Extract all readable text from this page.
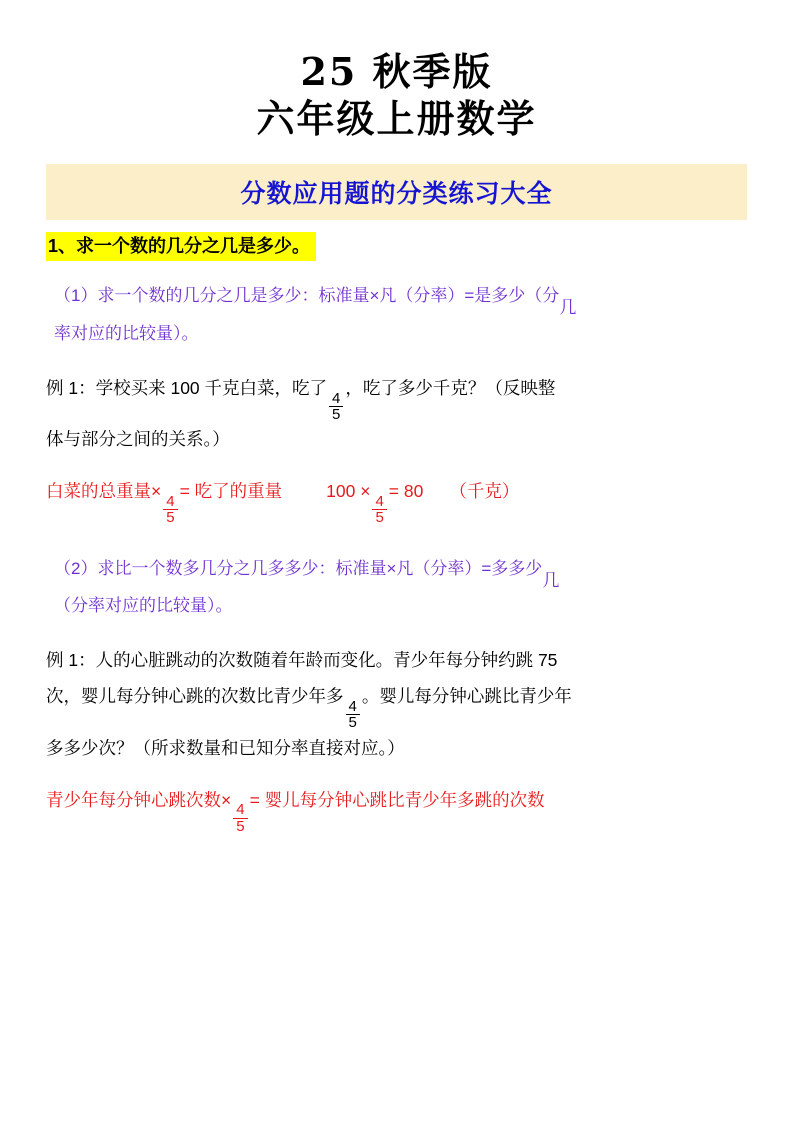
25 秋季版
六年级上册数学
分数应用题的分类练习大全
1、求一个数的几分之几是多少。
（1）求一个数的几分之几是多少：标准量×凡（分率）=是多少（分
几

率对应的比较量）。
例 1：学校买来 100 千克白菜，吃了
$\frac{4}{5}$
，吃了多少千克？（反映整
体与部分之间的关系。）
白菜的总重量×
$\frac{4}{5}$
= 吃了的重量	100 ×
$\frac{4}{5}$
= 80 （千克）
（2）求比一个数多几分之几多多少：标准量×凡（分率）=多多少
几

（分率对应的比较量）。
例 1：人的心脏跳动的次数随着年龄而变化。青少年每分钟约跳 75
次，婴儿每分钟心跳的次数比青少年多
$\frac{4}{5}$
。婴儿每分钟心跳比青少年
多多少次？（所求数量和已知分率直接对应。）
青少年每分钟心跳次数×
$\frac{4}{5}$
= 婴儿每分钟心跳比青少年多跳的次数
